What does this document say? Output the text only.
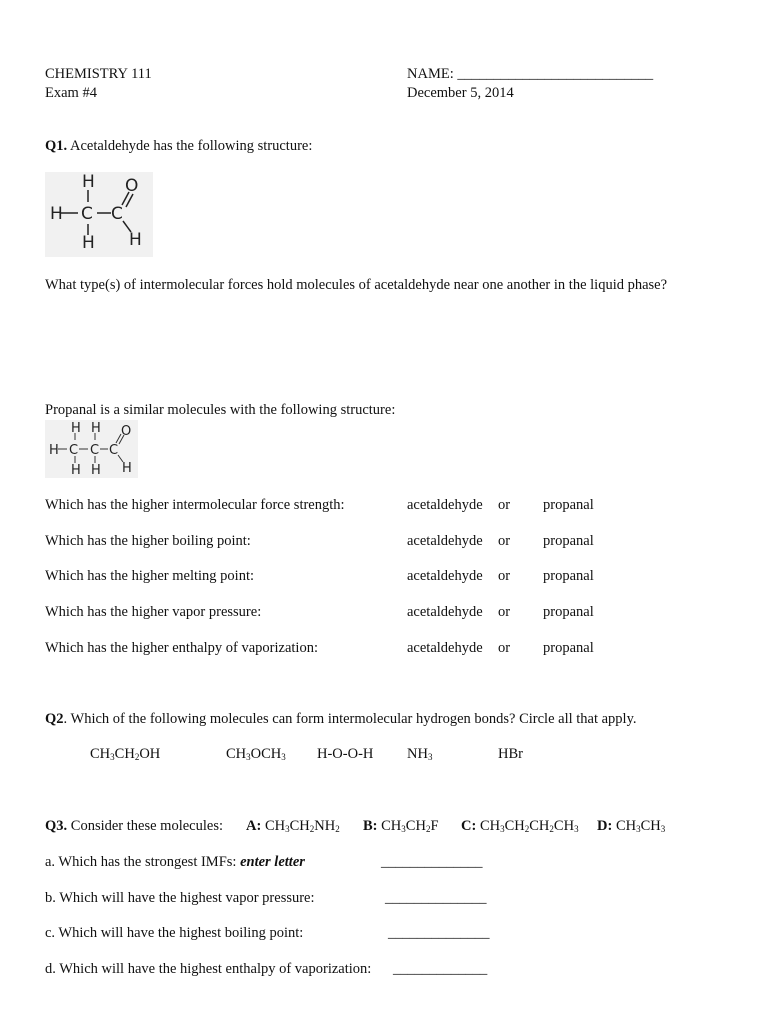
CHEMISTRY 111
Exam #4
NAME: ___________________________
December 5, 2014
Q1. Acetaldehyde has the following structure:
H
H C C
O
H H
What type(s) of intermolecular forces hold molecules of acetaldehyde near one another in the liquid phase?
Propanal is a similar molecules with the following structure:
H H O
H C C C
H H H
Which has the higher intermolecular force strength:	acetaldehyde or propanal
Which has the higher boiling point:	acetaldehyde or propanal
Which has the higher melting point:	acetaldehyde or propanal
Which has the higher vapor pressure:	acetaldehyde or propanal
Which has the higher enthalpy of vaporization:	acetaldehyde or propanal
Q2. Which of the following molecules can form intermolecular hydrogen bonds? Circle all that apply.
$CH_3CH_2OH$	$CH_3OCH_3$ H-O-O-H $NH_3$	HBr
Q3. Consider these molecules: A: $CH_3CH_2NH_2$ B: $CH_3CH_2F$ C: $CH_3CH_2CH_2CH_3$ D: $CH_3CH_3$
a. Which has the strongest IMFs: enter letter	______________
b. Which will have the highest vapor pressure:	______________
c. Which will have the highest boiling point:	______________
d. Which will have the highest enthalpy of vaporization: _____________
